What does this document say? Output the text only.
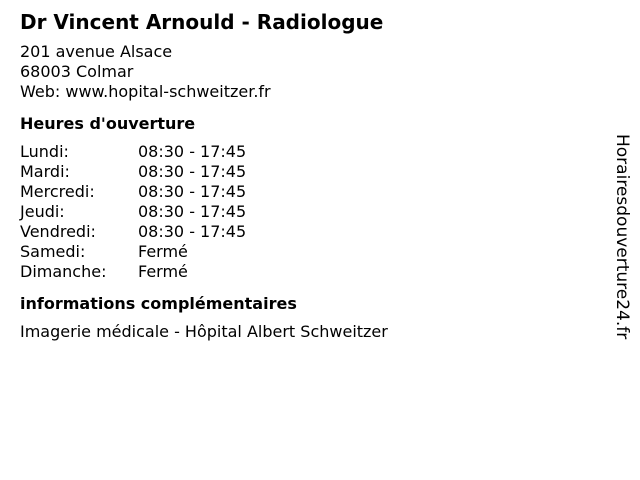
Dr Vincent Arnould - Radiologue
201 avenue Alsace
68003 Colmar
Web: www.hopital-schweitzer.fr
Heures d'ouverture
Lundi:	08:30 - 17:45
Mardi:	08:30 - 17:45
Mercredi:	08:30 - 17:45
Jeudi:	08:30 - 17:45
Vendredi:	08:30 - 17:45
Samedi:	Fermé
Dimanche:	Fermé
informations complémentaires
Imagerie médicale - Hôpital Albert Schweitzer	Horairesdouverture24.fr
